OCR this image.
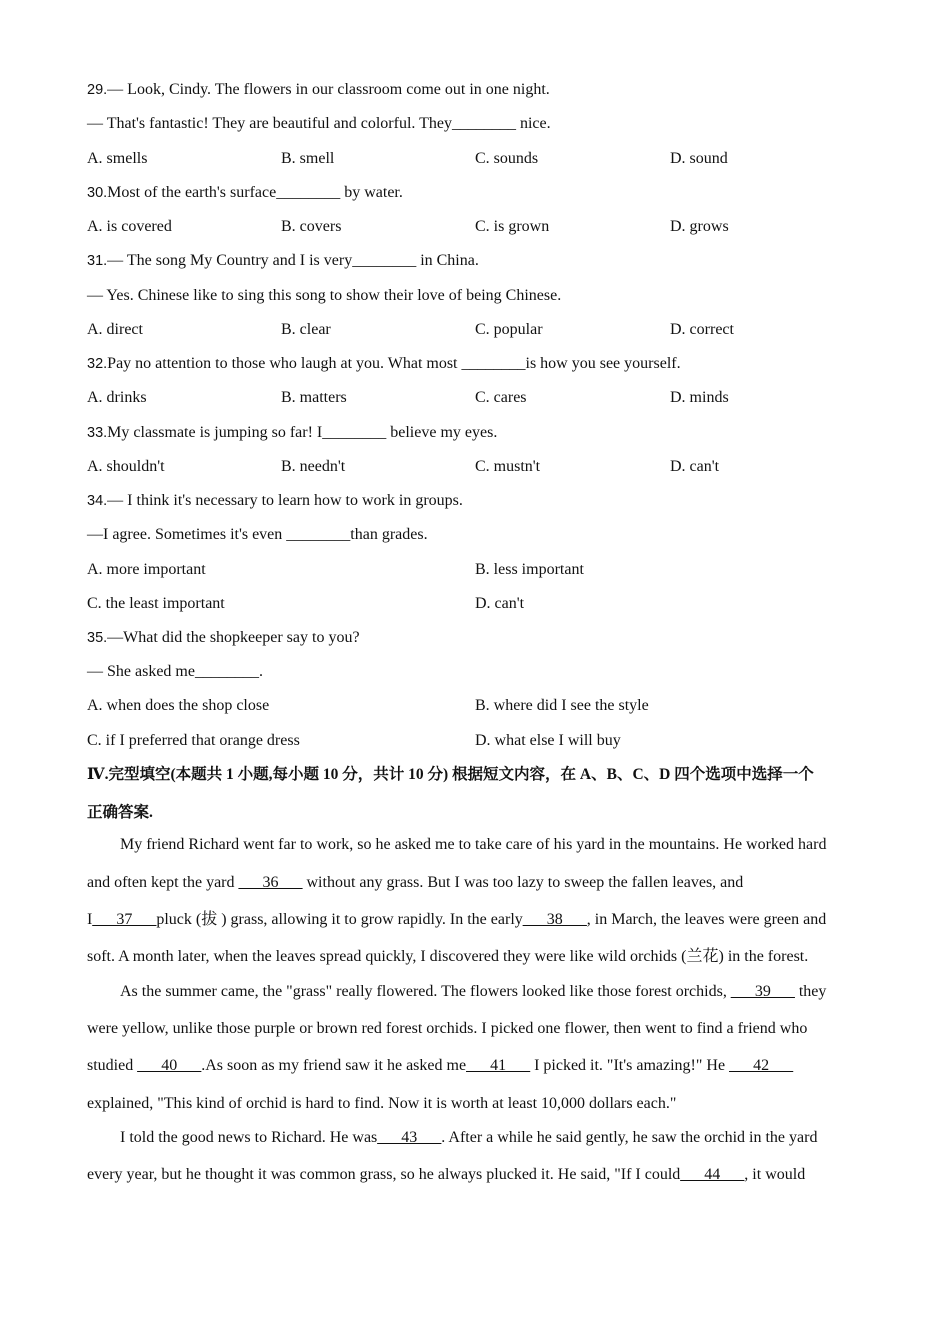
29.— Look, Cindy. The flowers in our classroom come out in one night.
— That's fantastic! They are beautiful and colorful. They________ nice.
A. smells	B. smell	C. sounds	D. sound
30.Most of the earth's surface________ by water.
A. is covered	B. covers	C. is grown	D. grows
31.— The song My Country and I is very________ in China.
— Yes. Chinese like to sing this song to show their love of being Chinese.
A. direct	B. clear	C. popular	D. correct
32.Pay no attention to those who laugh at you. What most ________is how you see yourself.
A. drinks	B. matters	C. cares	D. minds
33.My classmate is jumping so far! I________ believe my eyes.
A. shouldn't	B. needn't	C. mustn't	D. can't
34.— I think it's necessary to learn how to work in groups.
—I agree. Sometimes it's even ________than grades.
A. more important	B. less important
C. the least important	D. can't
35.—What did the shopkeeper say to you?
— She asked me________.
A. when does the shop close	B. where did I see the style
C. if I preferred that orange dress	D. what else I will buy
Ⅳ.完型填空(本题共 1 小题,每小题 10 分，共计 10 分) 根据短文内容，在 A、B、C、D 四个选项中选择一个
正确答案.
My friend Richard went far to work, so he asked me to take care of his yard in the mountains. He worked hard
and often kept the yard ___36___ without any grass. But I was too lazy to sweep the fallen leaves, and
I___37___pluck (拔 ) grass, allowing it to grow rapidly. In the early___38___, in March, the leaves were green and
soft. A month later, when the leaves spread quickly, I discovered they were like wild orchids (兰花) in the forest.
As the summer came, the "grass" really flowered. The flowers looked like those forest orchids, ___39___ they
were yellow, unlike those purple or brown red forest orchids. I picked one flower, then went to find a friend who
studied ___40___.As soon as my friend saw it he asked me___41___ I picked it. "It's amazing!" He ___42___
explained, "This kind of orchid is hard to find. Now it is worth at least 10,000 dollars each."
I told the good news to Richard. He was___43___. After a while he said gently, he saw the orchid in the yard
every year, but he thought it was common grass, so he always plucked it. He said, "If I could___44___, it would
